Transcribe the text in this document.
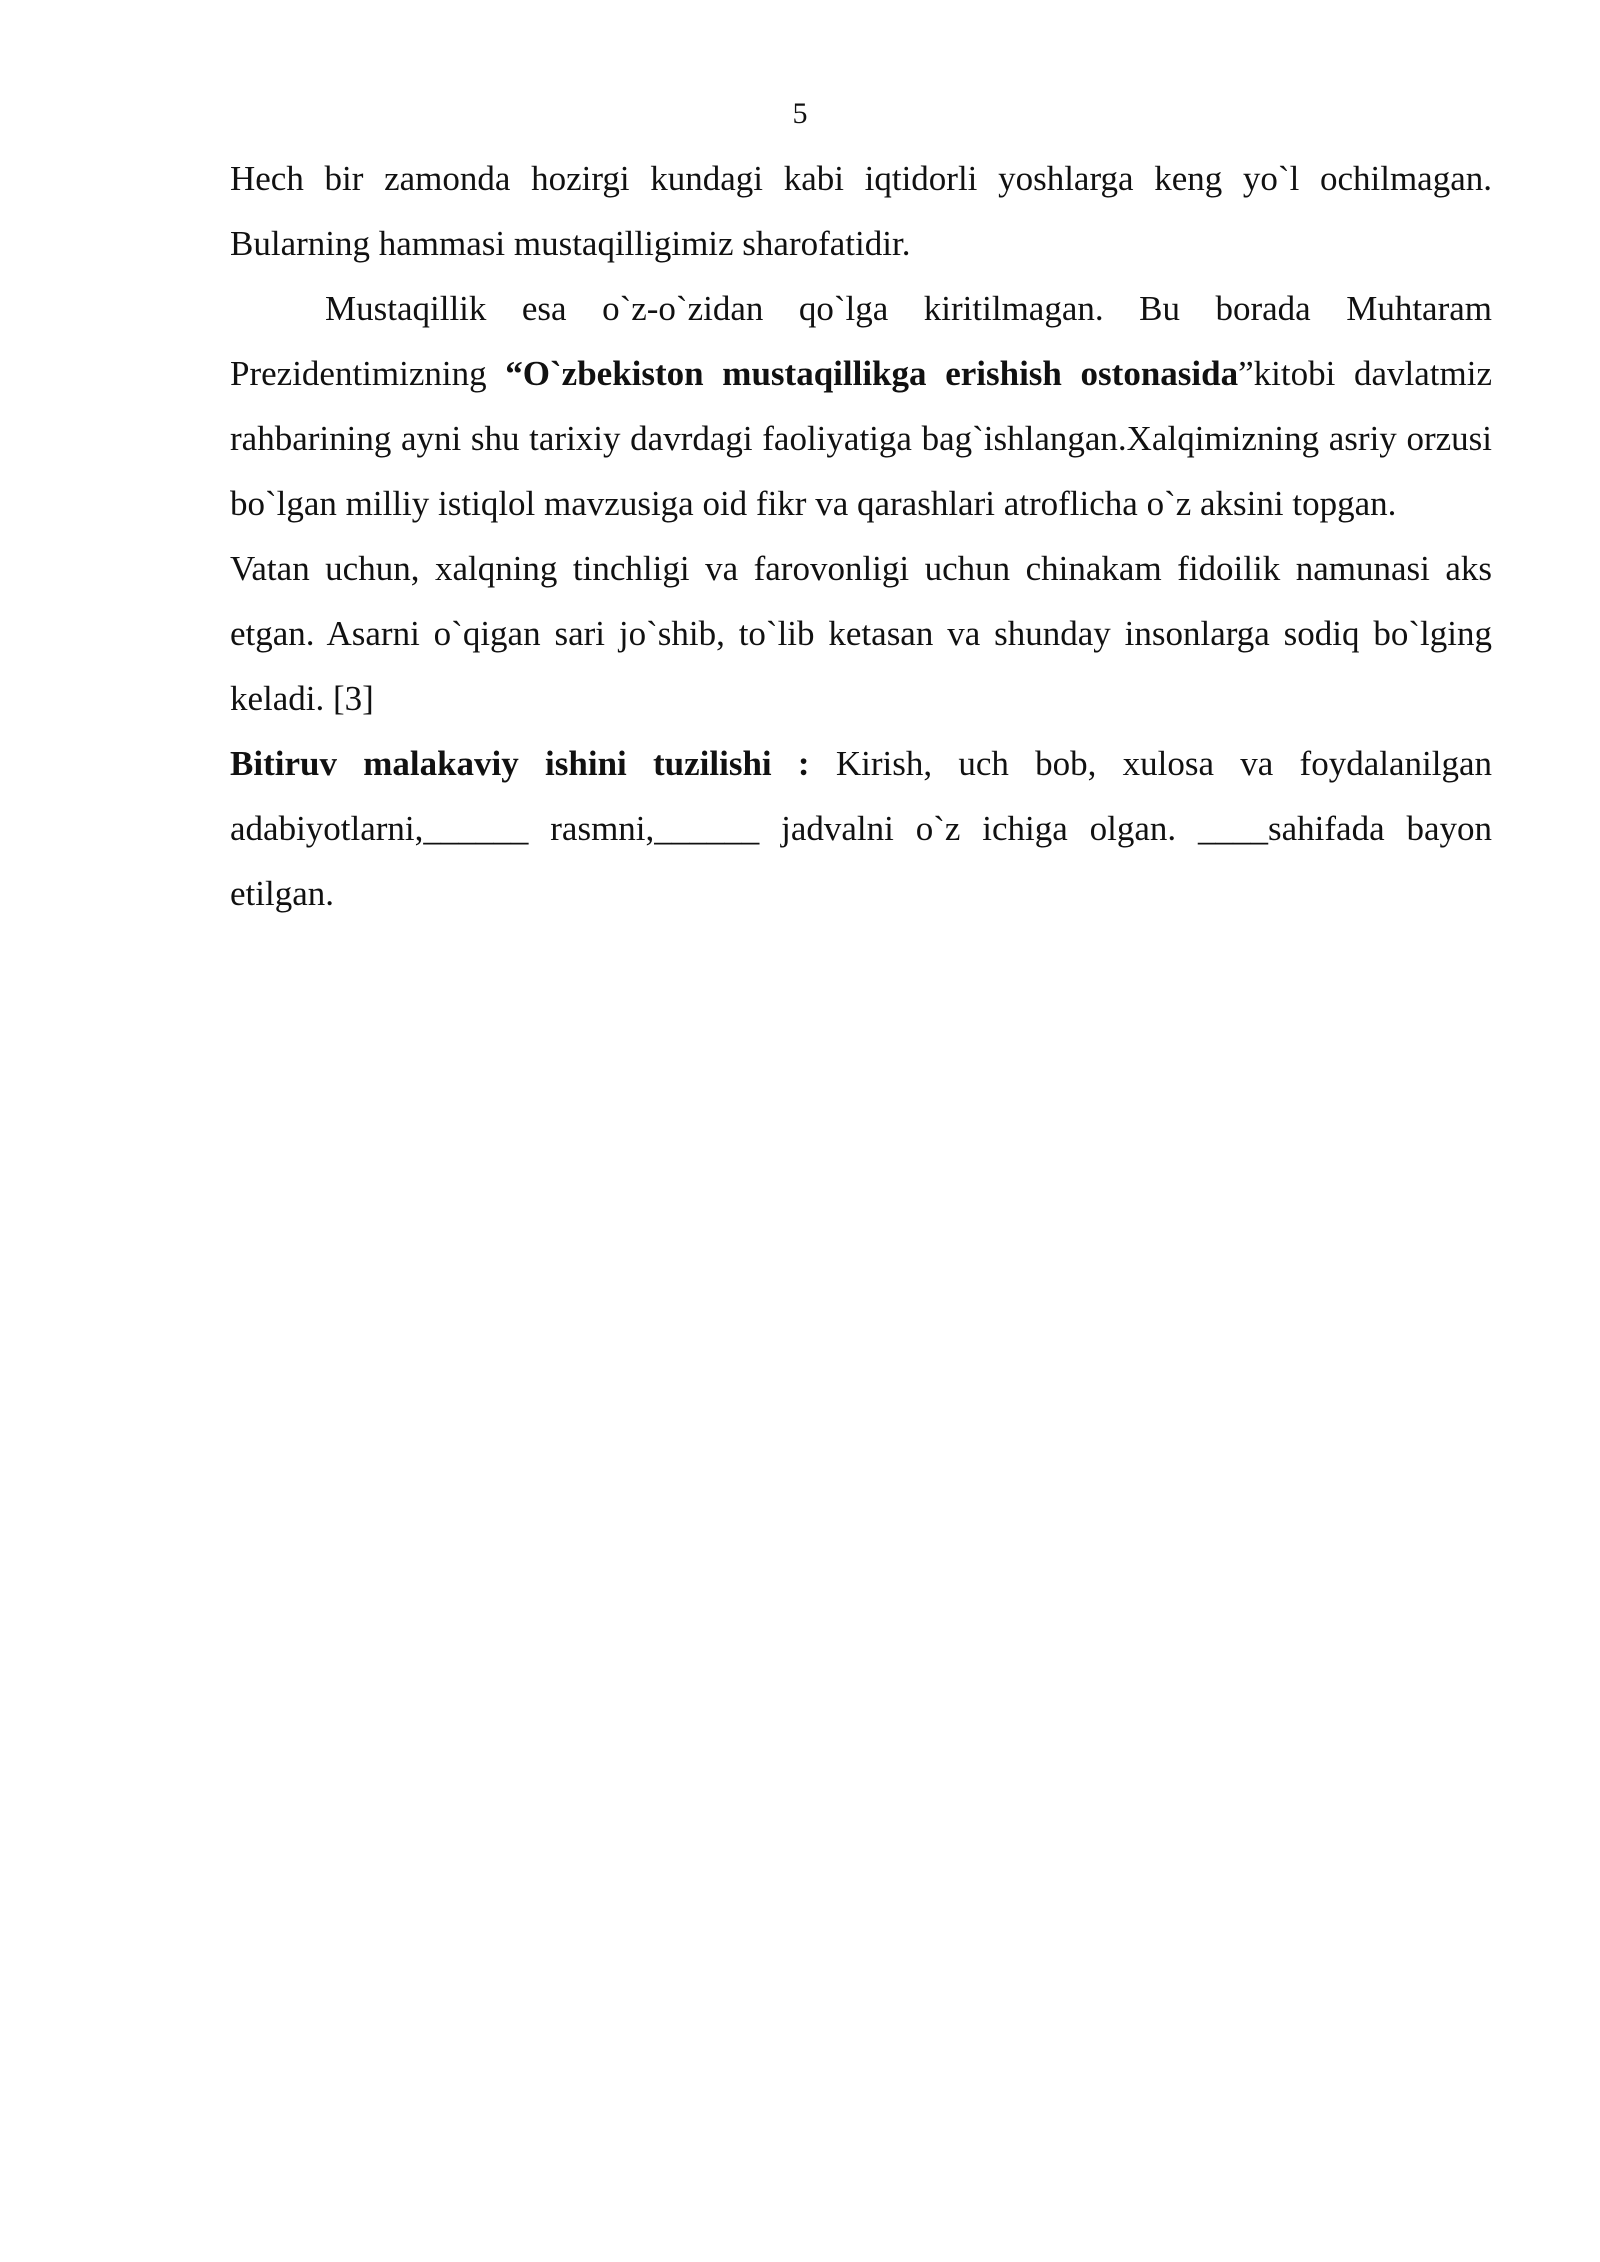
5

Hech bir zamonda hozirgi kundagi kabi iqtidorli yoshlarga keng yo`l ochilmagan. Bularning hammasi mustaqilligimiz sharofatidir.

Mustaqillik esa o`z-o`zidan qo`lga kiritilmagan. Bu borada Muhtaram Prezidentimizning “O`zbekiston mustaqillikga erishish ostonasida”kitobi davlatmiz rahbarining ayni shu tarixiy davrdagi faoliyatiga bag`ishlangan.Xalqimizning asriy orzusi bo`lgan milliy istiqlol mavzusiga oid fikr va qarashlari atroflicha o`z aksini topgan.

Vatan uchun, xalqning tinchligi va farovonligi uchun chinakam fidoilik namunasi aks etgan. Asarni o`qigan sari jo`shib, to`lib ketasan va shunday insonlarga sodiq bo`lging keladi. [3]

Bitiruv malakaviy ishini tuzilishi : Kirish, uch bob, xulosa va foydalanilgan adabiyotlarni,______ rasmni,______ jadvalni o`z ichiga olgan. ____sahifada bayon etilgan.
